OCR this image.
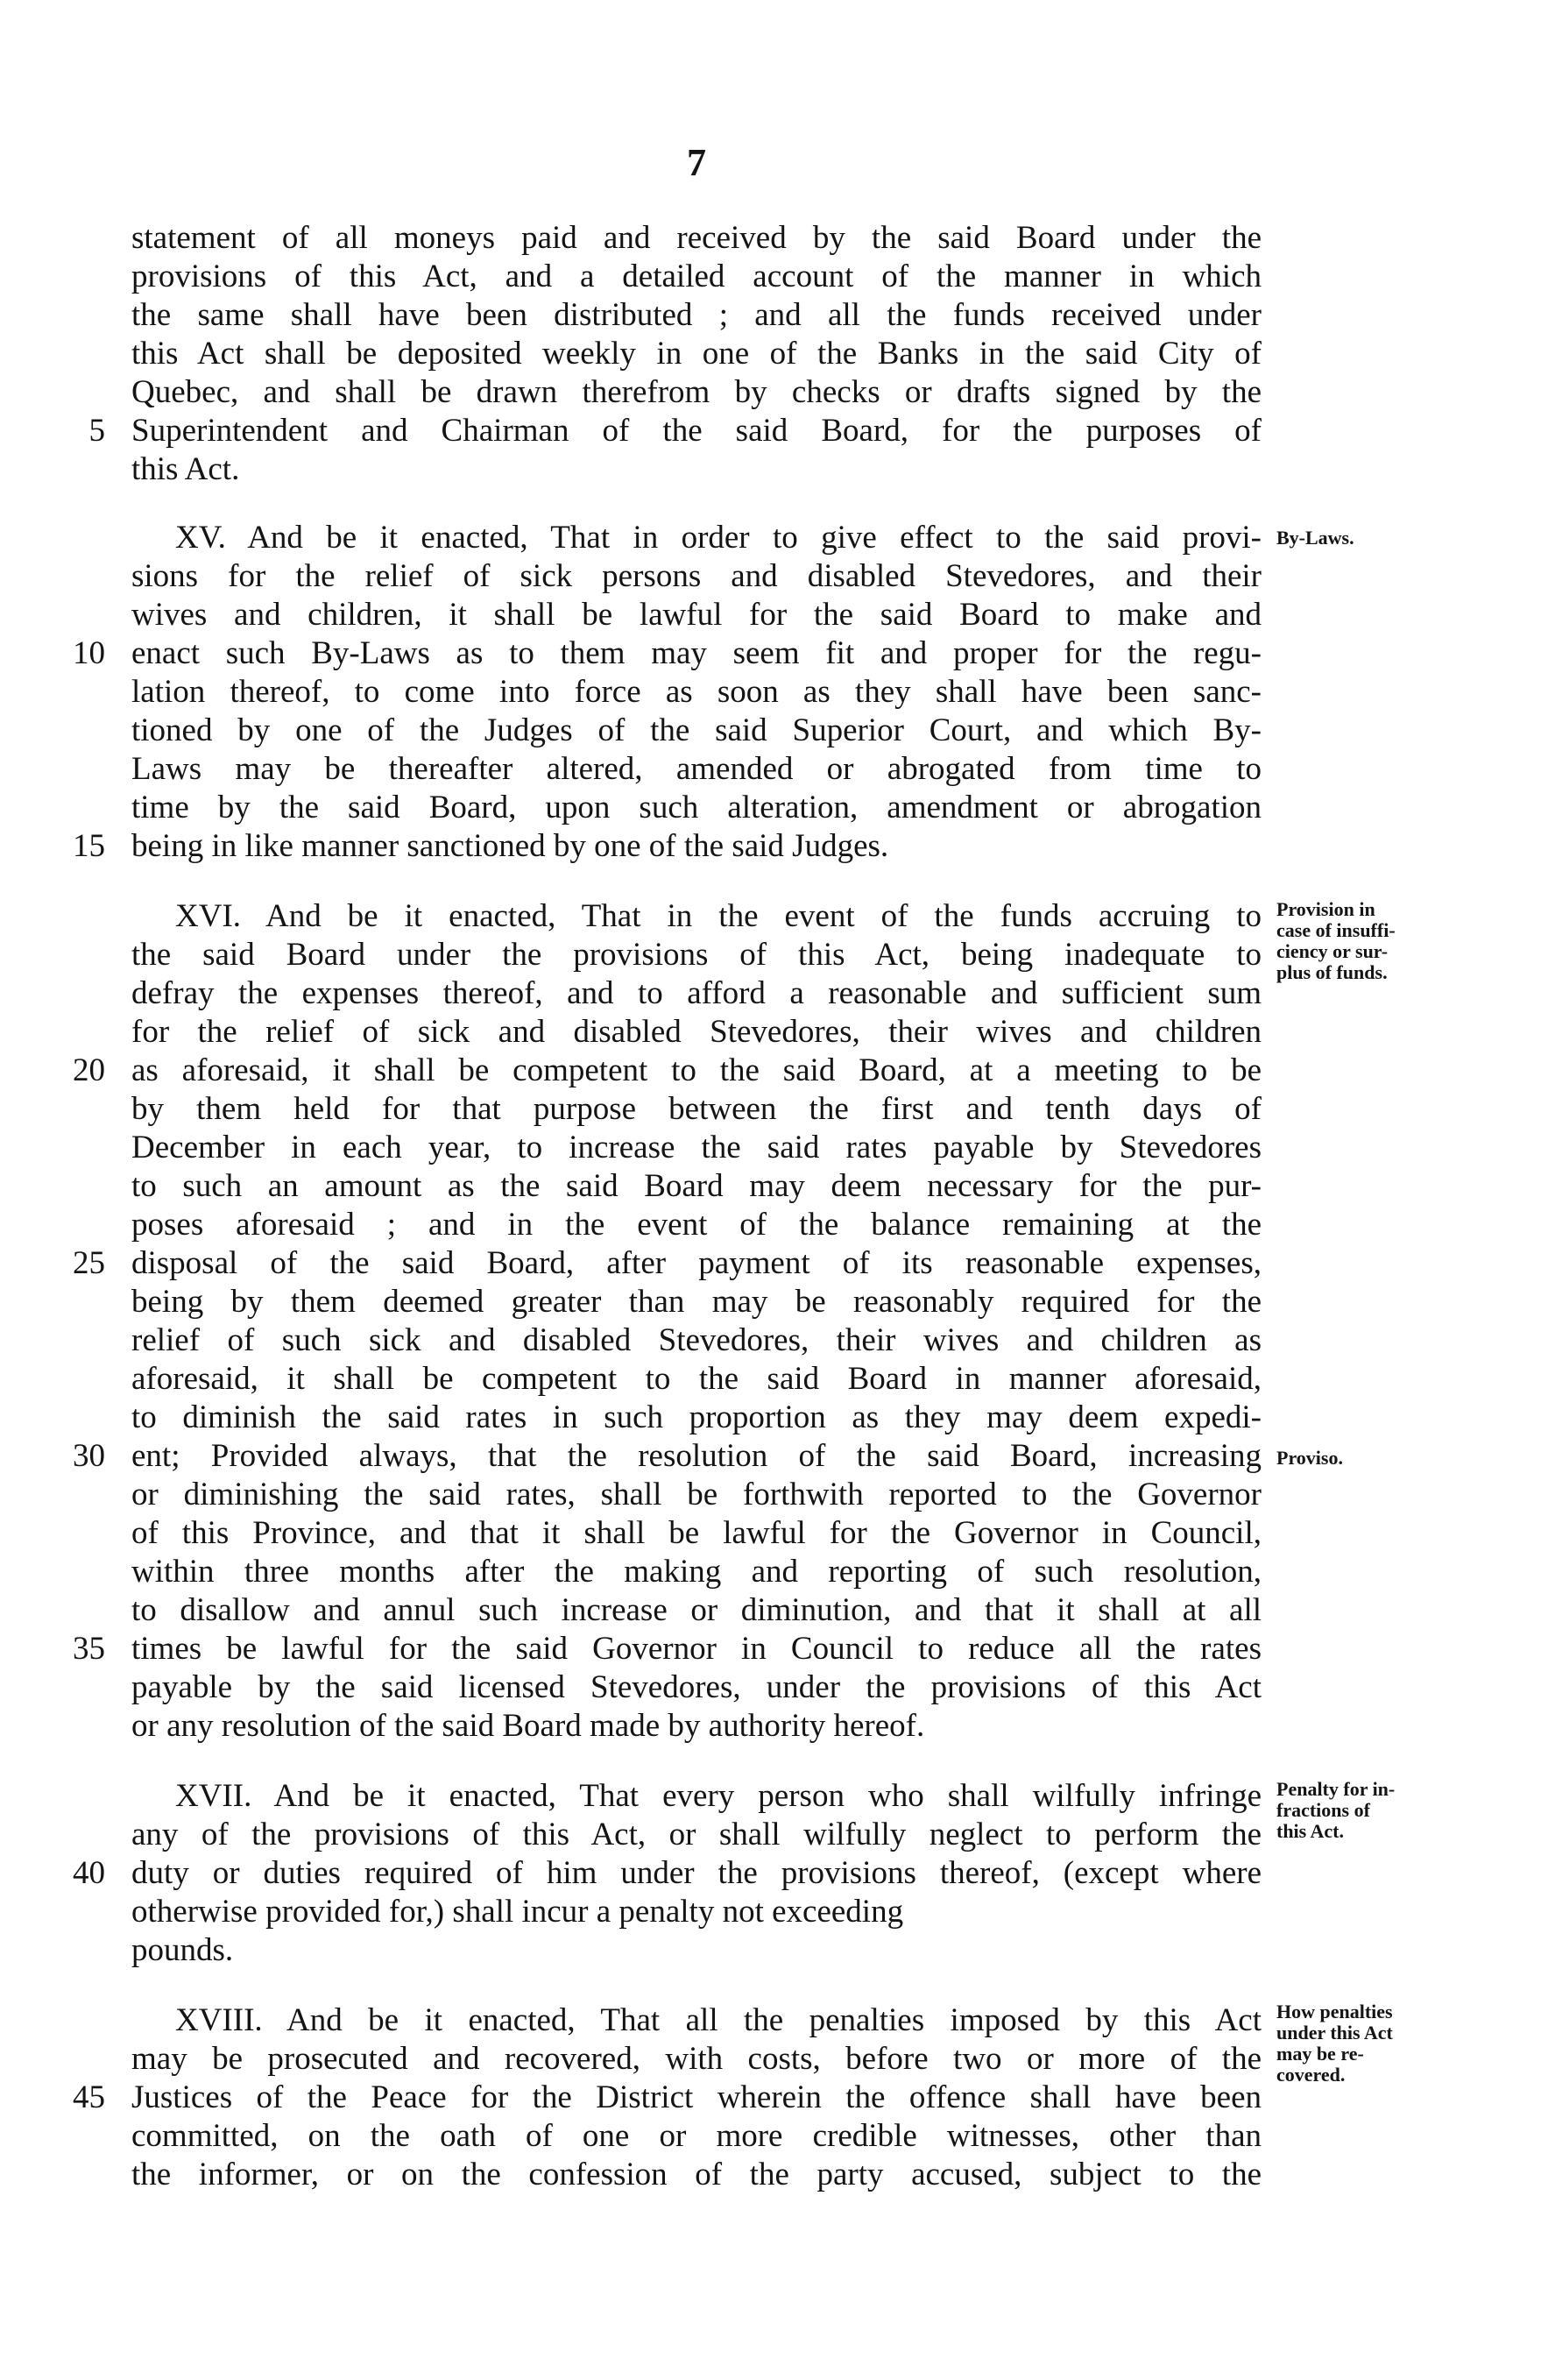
7
statement of all moneys paid and received by the said Board under the
provisions of this Act, and a detailed account of the manner in which
the same shall have been distributed ; and all the funds received under
this Act shall be deposited weekly in one of the Banks in the said City of
Quebec, and shall be drawn therefrom by checks or drafts signed by the
Superintendent and Chairman of the said Board, for the purposes of
this Act.
XV. And be it enacted, That in order to give effect to the said provi-
sions for the relief of sick persons and disabled Stevedores, and their
wives and children, it shall be lawful for the said Board to make and
enact such By-Laws as to them may seem fit and proper for the regu-
lation thereof, to come into force as soon as they shall have been sanc-
tioned by one of the Judges of the said Superior Court, and which By-
Laws may be thereafter altered, amended or abrogated from time to
time by the said Board, upon such alteration, amendment or abrogation
being in like manner sanctioned by one of the said Judges.
XVI. And be it enacted, That in the event of the funds accruing to
the said Board under the provisions of this Act, being inadequate to
defray the expenses thereof, and to afford a reasonable and sufficient sum
for the relief of sick and disabled Stevedores, their wives and children
as aforesaid, it shall be competent to the said Board, at a meeting to be
by them held for that purpose between the first and tenth days of
December in each year, to increase the said rates payable by Stevedores
to such an amount as the said Board may deem necessary for the pur-
poses aforesaid ; and in the event of the balance remaining at the
disposal of the said Board, after payment of its reasonable expenses,
being by them deemed greater than may be reasonably required for the
relief of such sick and disabled Stevedores, their wives and children as
aforesaid, it shall be competent to the said Board in manner aforesaid,
to diminish the said rates in such proportion as they may deem expedi-
ent; Provided always, that the resolution of the said Board, increasing
or diminishing the said rates, shall be forthwith reported to the Governor
of this Province, and that it shall be lawful for the Governor in Council,
within three months after the making and reporting of such resolution,
to disallow and annul such increase or diminution, and that it shall at all
times be lawful for the said Governor in Council to reduce all the rates
payable by the said licensed Stevedores, under the provisions of this Act
or any resolution of the said Board made by authority hereof.
XVII. And be it enacted, That every person who shall wilfully infringe
any of the provisions of this Act, or shall wilfully neglect to perform the
duty or duties required of him under the provisions thereof, (except where
otherwise provided for,) shall incur a penalty not exceeding
pounds.
XVIII. And be it enacted, That all the penalties imposed by this Act
may be prosecuted and recovered, with costs, before two or more of the
Justices of the Peace for the District wherein the offence shall have been
committed, on the oath of one or more credible witnesses, other than
the informer, or on the confession of the party accused, subject to the
5
10
15
20
25
30
35
40
45
By-Laws.
Provision in
case of insuffi-
ciency or sur-
plus of funds.
Proviso.
Penalty for in-
fractions of
this Act.
How penalties
under this Act
may be re-
covered.
